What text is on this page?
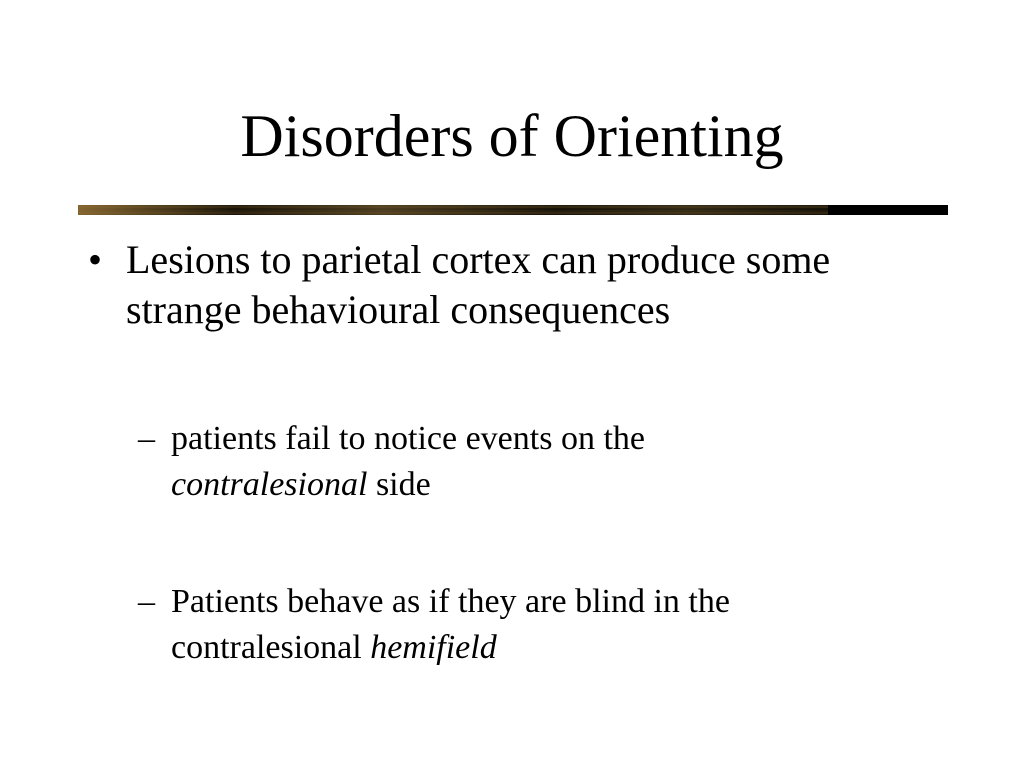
Disorders of Orienting
• Lesions to parietal cortex can produce some strange behavioural consequences
– patients fail to notice events on the
contralesional side
– Patients behave as if they are blind in the
contralesional hemifield
